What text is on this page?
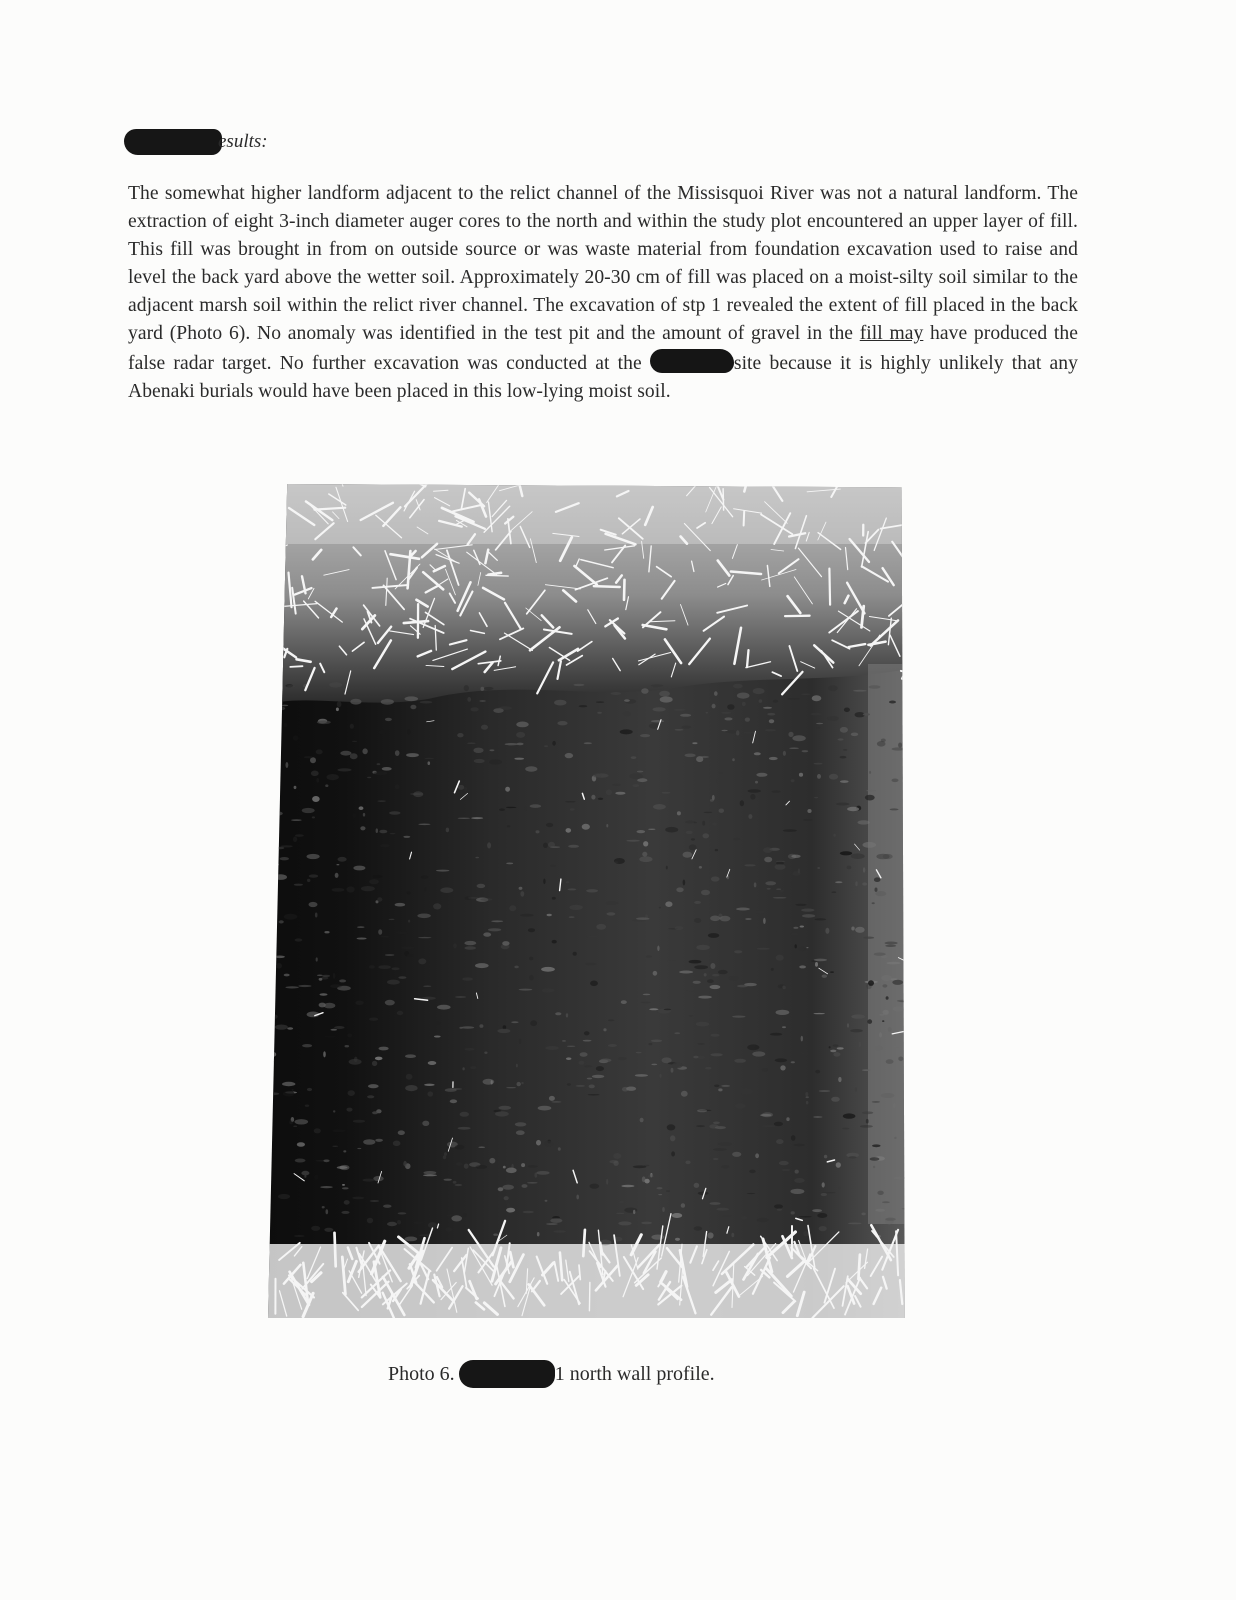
esults:

The somewhat higher landform adjacent to the relict channel of the Missisquoi River was not a natural landform. The extraction of eight 3-inch diameter auger cores to the north and within the study plot encountered an upper layer of fill. This fill was brought in from on outside source or was waste material from foundation excavation used to raise and level the back yard above the wetter soil. Approximately 20-30 cm of fill was placed on a moist-silty soil similar to the adjacent marsh soil within the relict river channel. The excavation of stp 1 revealed the extent of fill placed in the back yard (Photo 6). No anomaly was identified in the test pit and the amount of gravel in the fill may have produced the false radar target. No further excavation was conducted at the	site because it is highly unlikely that any Abenaki burials would have been placed in this low-lying moist soil.

Photo 6.	1 north wall profile.
